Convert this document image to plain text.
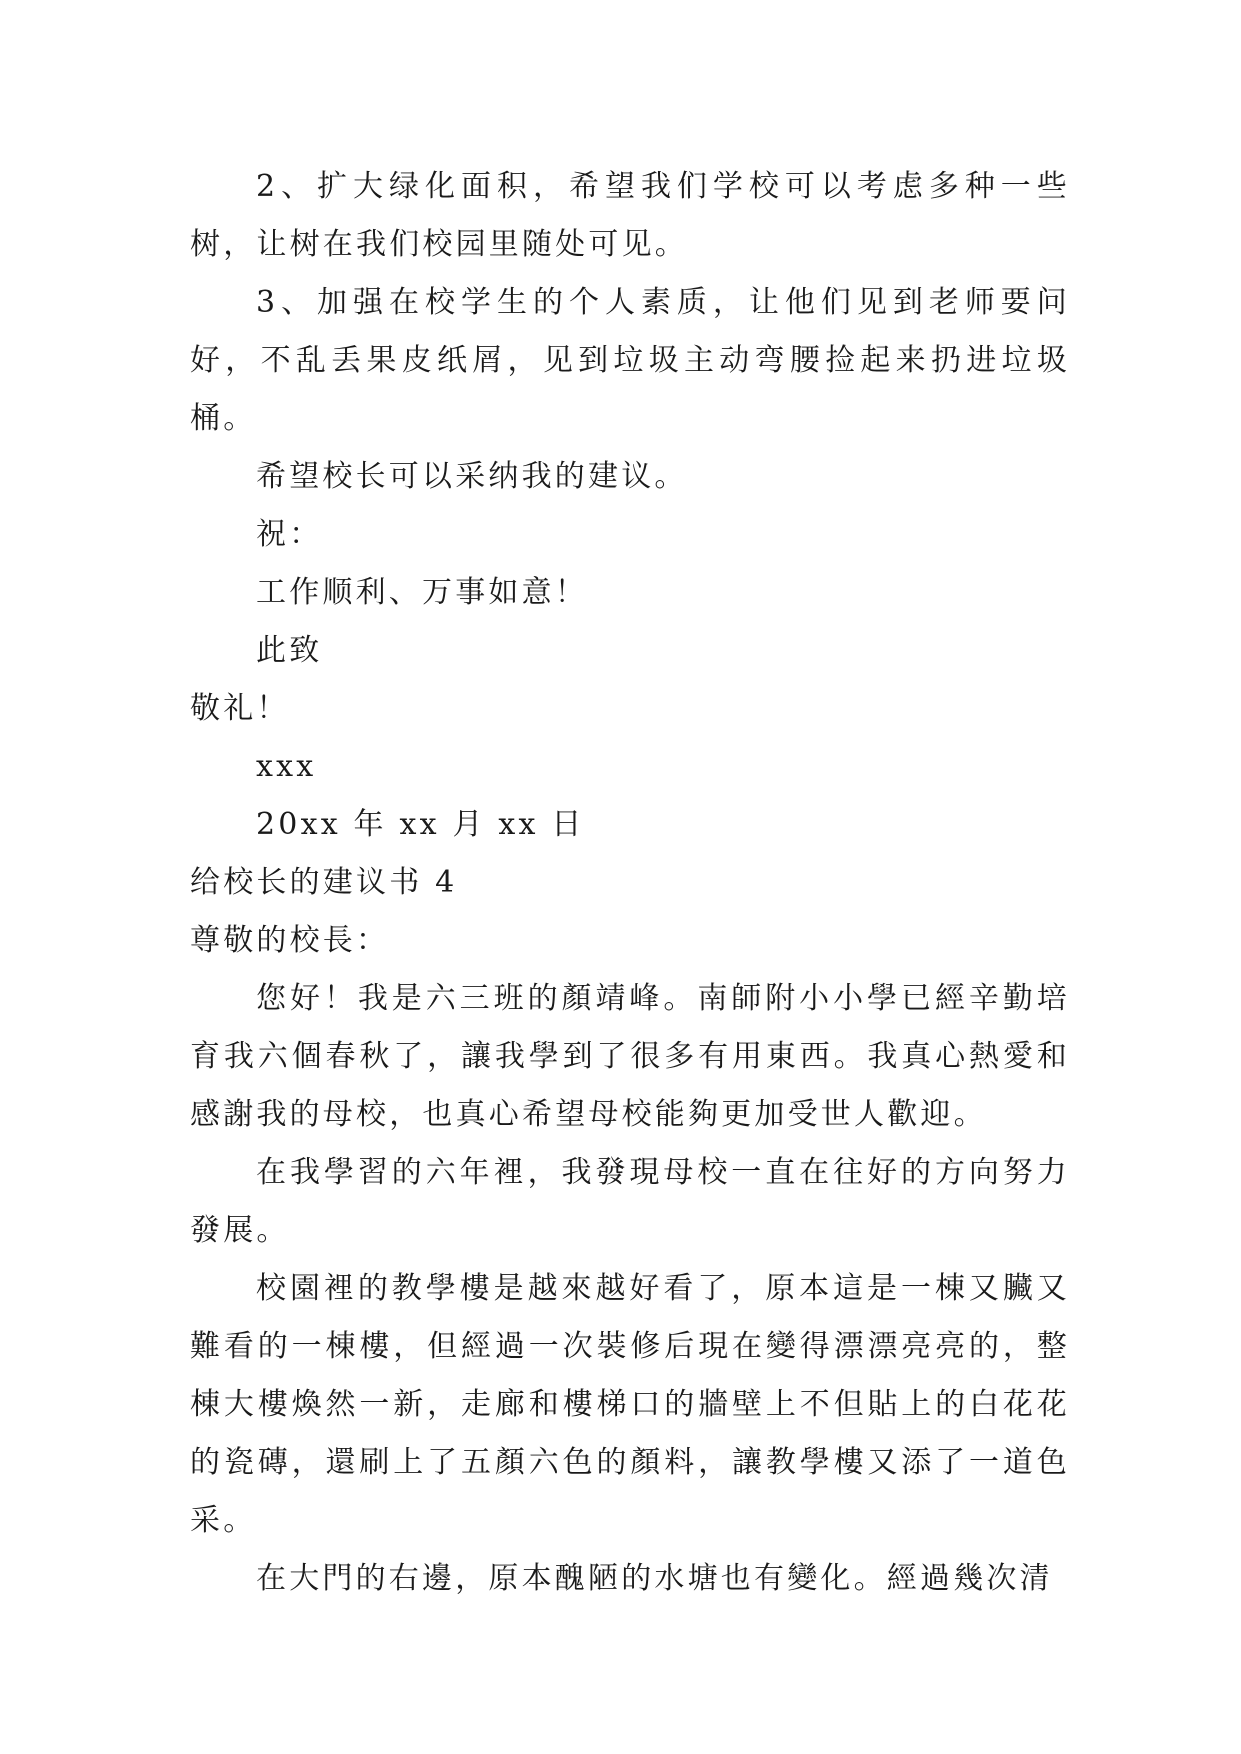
2、扩大绿化面积，希望我们学校可以考虑多种一些树，让树在我们校园里随处可见。

3、加强在校学生的个人素质，让他们见到老师要问好，不乱丢果皮纸屑，见到垃圾主动弯腰捡起来扔进垃圾桶。

希望校长可以采纳我的建议。

祝：

工作顺利、万事如意！

此致

敬礼！

xxx

20xx 年 xx 月 xx 日

给校长的建议书 4

尊敬的校長：

您好！我是六三班的顏靖峰。南師附小小學已經辛勤培育我六個春秋了，讓我學到了很多有用東西。我真心熱愛和感謝我的母校，也真心希望母校能夠更加受世人歡迎。

在我學習的六年裡，我發現母校一直在往好的方向努力發展。

校園裡的教學樓是越來越好看了，原本這是一棟又臟又難看的一棟樓，但經過一次裝修后現在變得漂漂亮亮的，整棟大樓煥然一新，走廊和樓梯口的牆壁上不但貼上的白花花的瓷磚，還刷上了五顏六色的顏料，讓教學樓又添了一道色采。

在大門的右邊，原本醜陋的水塘也有變化。經過幾次清
